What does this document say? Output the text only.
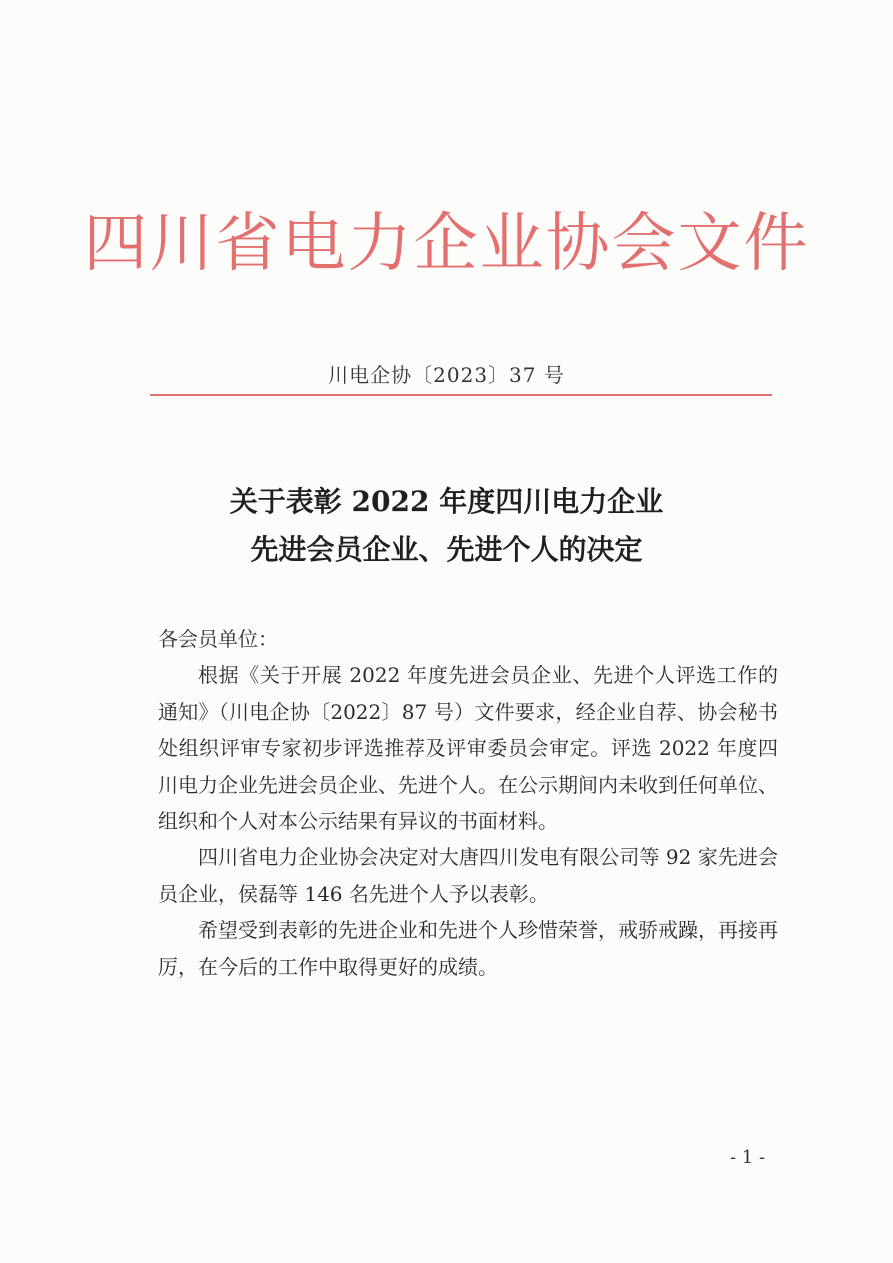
四川省电力企业协会文件
川电企协〔2023〕37 号
关于表彰 2022 年度四川电力企业
先进会员企业、先进个人的决定

各会员单位：

根据《关于开展 2022 年度先进会员企业、先进个人评选工作的通知》（川电企协〔2022〕87 号）文件要求，经企业自荐、协会秘书处组织评审专家初步评选推荐及评审委员会审定。评选 2022 年度四川电力企业先进会员企业、先进个人。在公示期间内未收到任何单位、组织和个人对本公示结果有异议的书面材料。

四川省电力企业协会决定对大唐四川发电有限公司等 92 家先进会员企业，侯磊等 146 名先进个人予以表彰。

希望受到表彰的先进企业和先进个人珍惜荣誉，戒骄戒躁，再接再厉，在今后的工作中取得更好的成绩。

- 1 -
